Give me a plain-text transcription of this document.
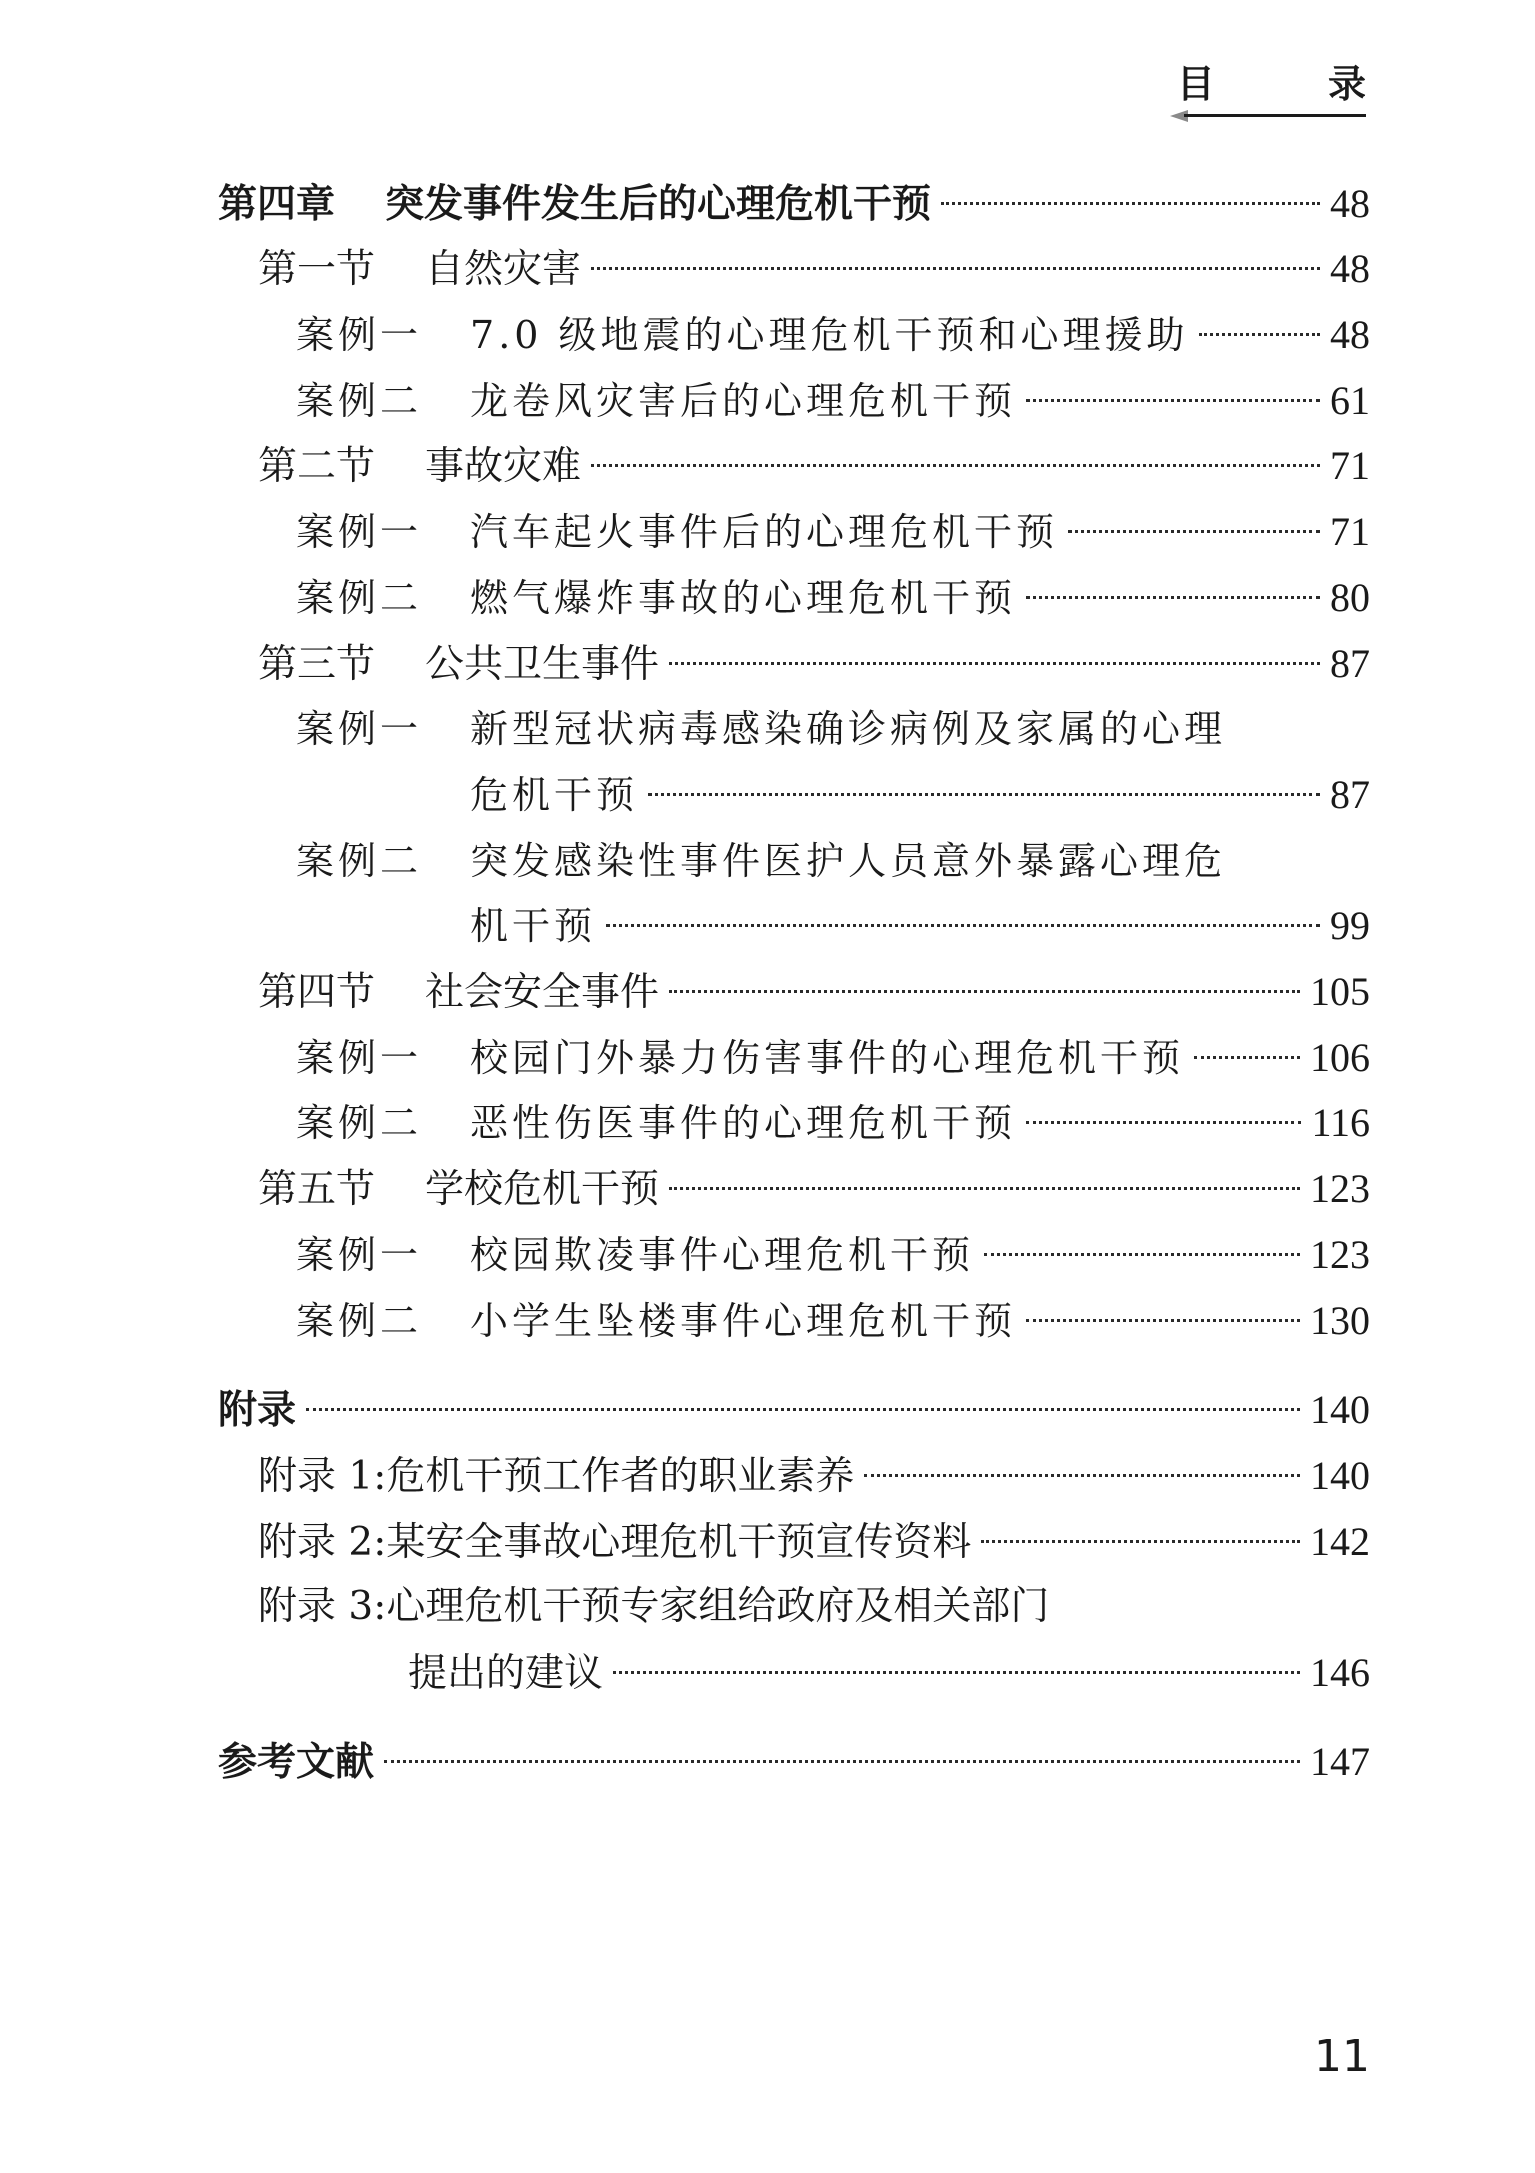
目 录
第四章 突发事件发生后的心理危机干预	48
第一节 自然灾害	48
案例一 7.0 级地震的心理危机干预和心理援助	48
案例二 龙卷风灾害后的心理危机干预	61
第二节 事故灾难	71
案例一 汽车起火事件后的心理危机干预	71
案例二 燃气爆炸事故的心理危机干预	80
第三节 公共卫生事件	87
案例一 新型冠状病毒感染确诊病例及家属的心理
危机干预	87
案例二 突发感染性事件医护人员意外暴露心理危
机干预	99
第四节 社会安全事件	105
案例一 校园门外暴力伤害事件的心理危机干预	106
案例二 恶性伤医事件的心理危机干预	116
第五节 学校危机干预	123
案例一 校园欺凌事件心理危机干预	123
案例二 小学生坠楼事件心理危机干预	130
附录	140
附录 1:危机干预工作者的职业素养	140
附录 2:某安全事故心理危机干预宣传资料	142
附录 3:心理危机干预专家组给政府及相关部门
提出的建议	146
参考文献	147
11
